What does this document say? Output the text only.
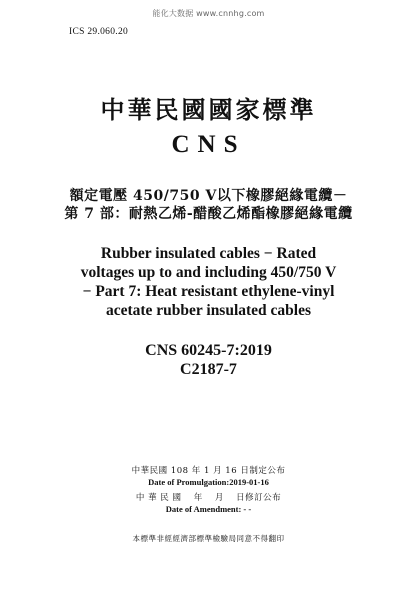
能化大数据 www.cnnhg.com
ICS 29.060.20
中華民國國家標準
CNS
額定電壓 450/750 V以下橡膠絕緣電纜－
第 7 部：耐熱乙烯-醋酸乙烯酯橡膠絕緣電纜
Rubber insulated cables − Rated
voltages up to and including 450/750 V
− Part 7: Heat resistant ethylene-vinyl
acetate rubber insulated cables
CNS 60245-7:2019
C2187-7
中華民國 108 年 1 月 16 日制定公布
Date of Promulgation:2019-01-16
中 華 民 國　 年 　月 　日修訂公布
Date of Amendment: - -
本標準非經經濟部標準檢驗局同意不得翻印
